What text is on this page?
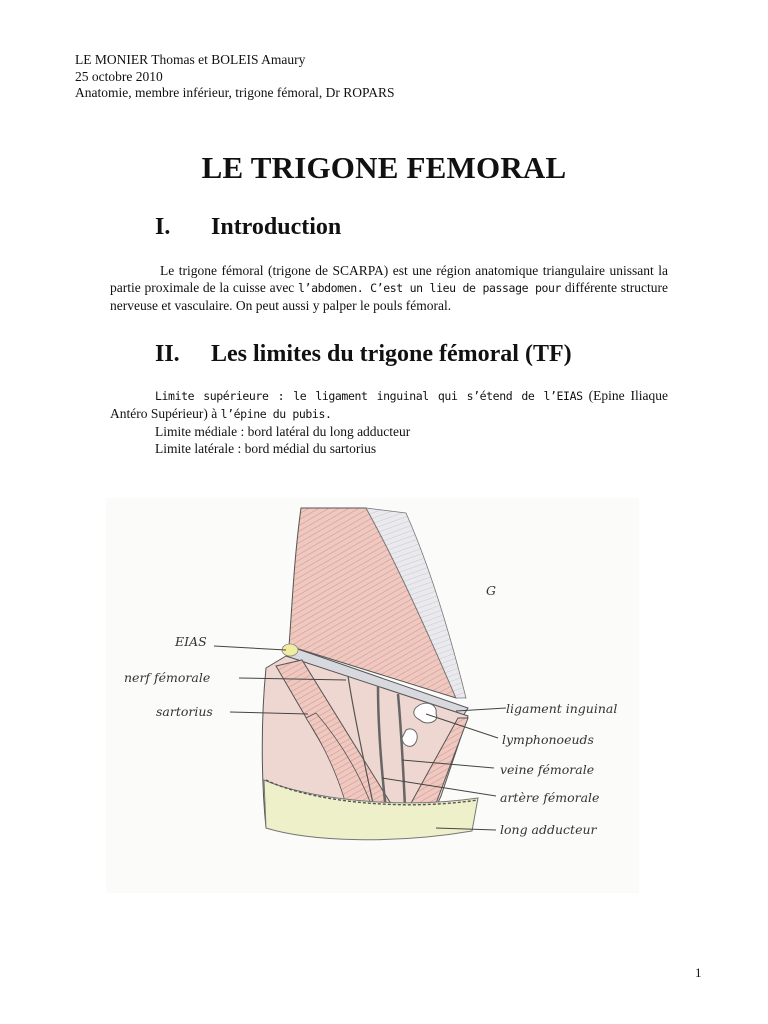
LE MONIER Thomas et BOLEIS Amaury
25 octobre 2010
Anatomie, membre inférieur, trigone fémoral, Dr ROPARS
LE TRIGONE FEMORAL
I. Introduction

Le trigone fémoral (trigone de SCARPA) est une région anatomique triangulaire unissant la partie proximale de la cuisse avec l’abdomen. C’est un lieu de passage pour différente structure nerveuse et vasculaire. On peut aussi y palper le pouls fémoral.

II. Les limites du trigone fémoral (TF)

Limite supérieure : le ligament inguinal qui s’étend de l’EIAS (Epine Iliaque Antéro Supérieur) à l’épine du pubis.

Limite médiale : bord latéral du long adducteur
Limite latérale : bord médial du sartorius
G
EIAS
nerf fémorale
sartorius	ligament inguinal
lymphonoeuds
veine fémorale
artère fémorale
long adducteur
1
